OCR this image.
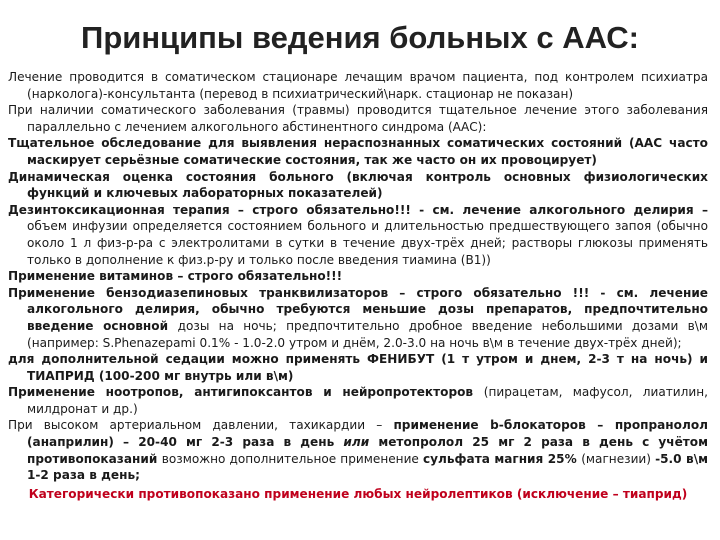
Принципы ведения больных с ААС:

Лечение проводится в соматическом стационаре лечащим врачом пациента, под контролем психиатра (нарколога)-консультанта (перевод в психиатрический\нарк. стационар не показан)

При наличии соматического заболевания (травмы) проводится тщательное лечение этого заболевания параллельно с лечением алкогольного абстинентного синдрома (ААС):

Тщательное обследование для выявления нераспознанных соматических состояний (ААС часто маскирует серьёзные соматические состояния, так же часто он их провоцирует)

Динамическая оценка состояния больного (включая контроль основных физиологических функций и ключевых лабораторных показателей)

Дезинтоксикационная терапия – строго обязательно!!! - см. лечение алкогольного делирия – объем инфузии определяется состоянием больного и длительностью предшествующего запоя (обычно около 1 л физ-р-ра с электролитами в сутки в течение двух-трёх дней; растворы глюкозы применять только в дополнение к физ.р-ру и только после введения тиамина (В1))

Применение витаминов – строго обязательно!!!

Применение бензодиазепиновых транквилизаторов – строго обязательно !!! - см. лечение алкогольного делирия, обычно требуются меньшие дозы препаратов, предпочтительно введение основной дозы на ночь; предпочтительно дробное введение небольшими дозами в\м (например: S.Phenazepami 0.1% - 1.0-2.0 утром и днём, 2.0-3.0 на ночь в\м в течение двух-трёх дней);

для дополнительной седации можно применять ФЕНИБУТ (1 т утром и днем, 2-3 т на ночь) и ТИАПРИД (100-200 мг внутрь или в\м)

Применение ноотропов, антигипоксантов и нейропротекторов (пирацетам, мафусол, лиатилин, милдронат и др.)

При высоком артериальном давлении, тахикардии – применение b-блокаторов – пропранолол (анаприлин) – 20-40 мг 2-3 раза в день или метопролол 25 мг 2 раза в день с учётом противопоказаний возможно дополнительное применение сульфата магния 25% (магнезии) -5.0 в\м 1-2 раза в день;

Категорически противопоказано применение любых нейролептиков (исключение – тиаприд)
